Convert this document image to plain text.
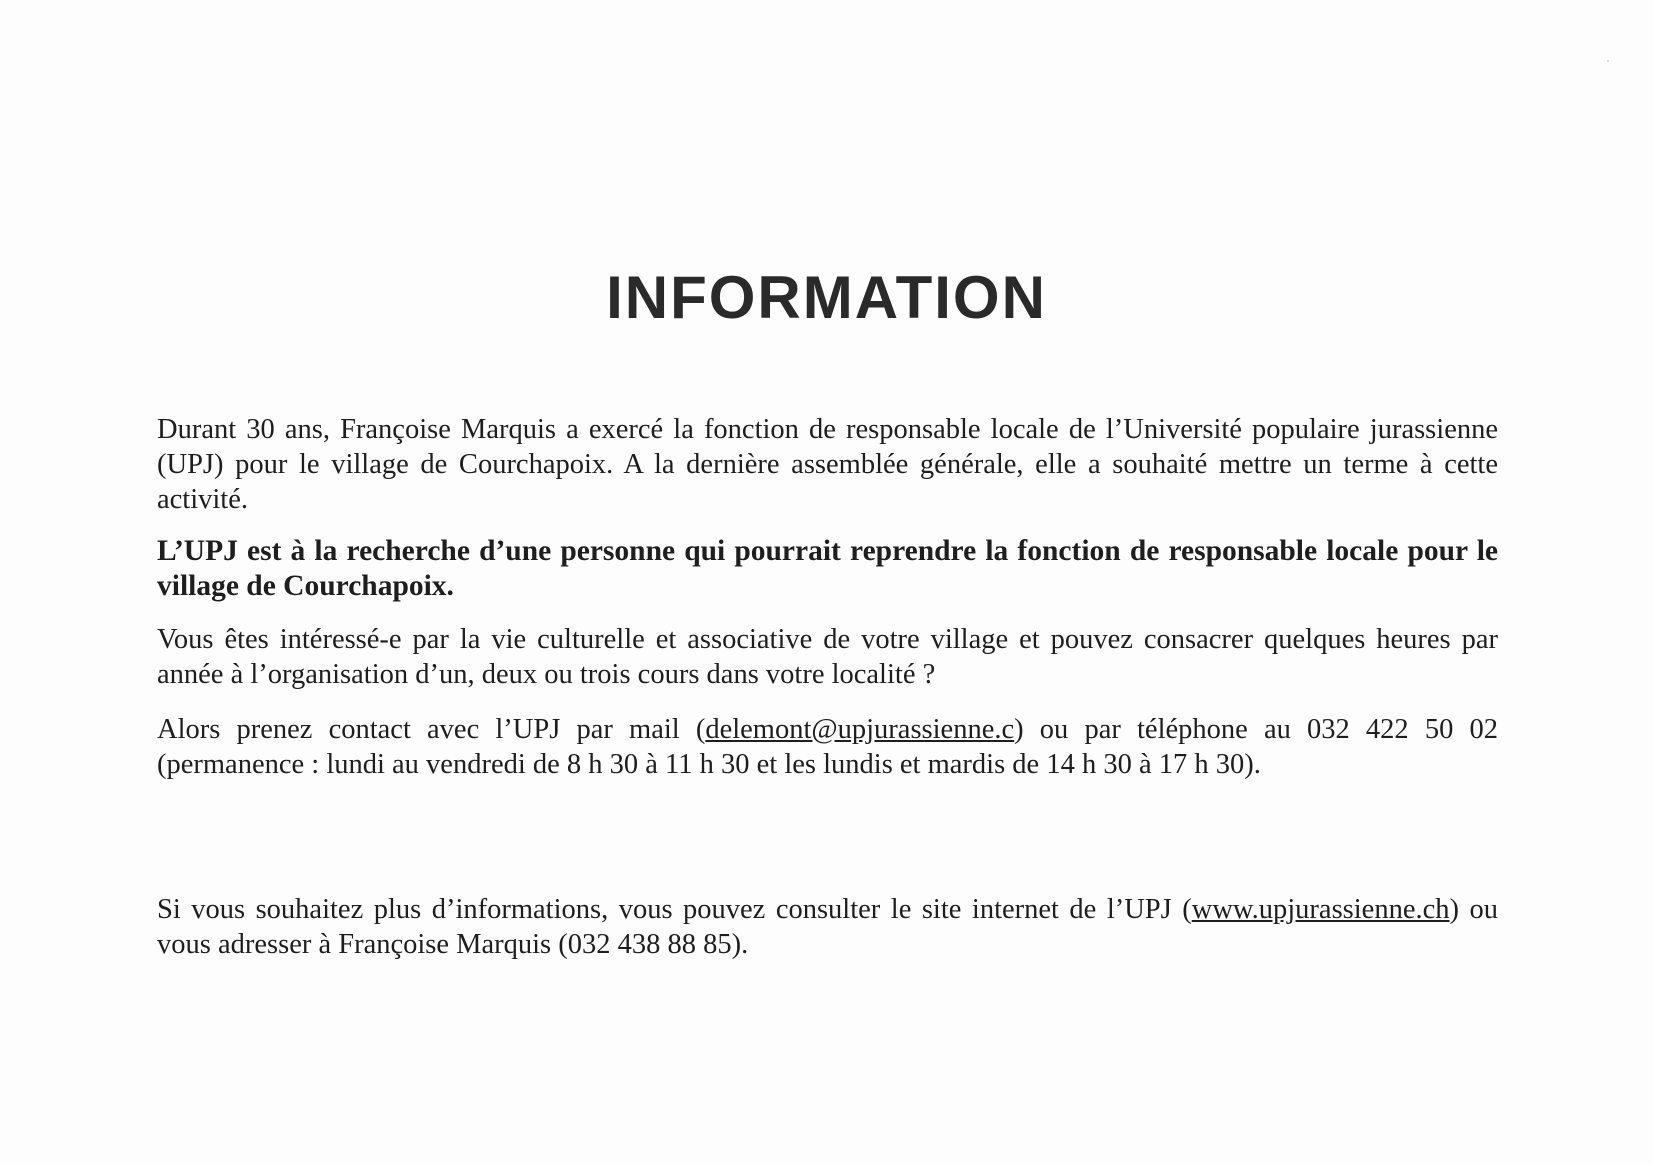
INFORMATION

Durant 30 ans, Françoise Marquis a exercé la fonction de responsable locale de l’Université populaire jurassienne (UPJ) pour le village de Courchapoix. A la dernière assemblée générale, elle a souhaité mettre un terme à cette activité.

L’UPJ est à la recherche d’une personne qui pourrait reprendre la fonction de responsable locale pour le village de Courchapoix.

Vous êtes intéressé-e par la vie culturelle et associative de votre village et pouvez consacrer quelques heures par année à l’organisation d’un, deux ou trois cours dans votre localité ?

Alors prenez contact avec l’UPJ par mail (delemont@upjurassienne.c) ou par téléphone au 032 422 50 02 (permanence : lundi au vendredi de 8 h 30 à 11 h 30 et les lundis et mardis de 14 h 30 à 17 h 30).

Si vous souhaitez plus d’informations, vous pouvez consulter le site internet de l’UPJ (www.upjurassienne.ch) ou vous adresser à Françoise Marquis (032 438 88 85).
